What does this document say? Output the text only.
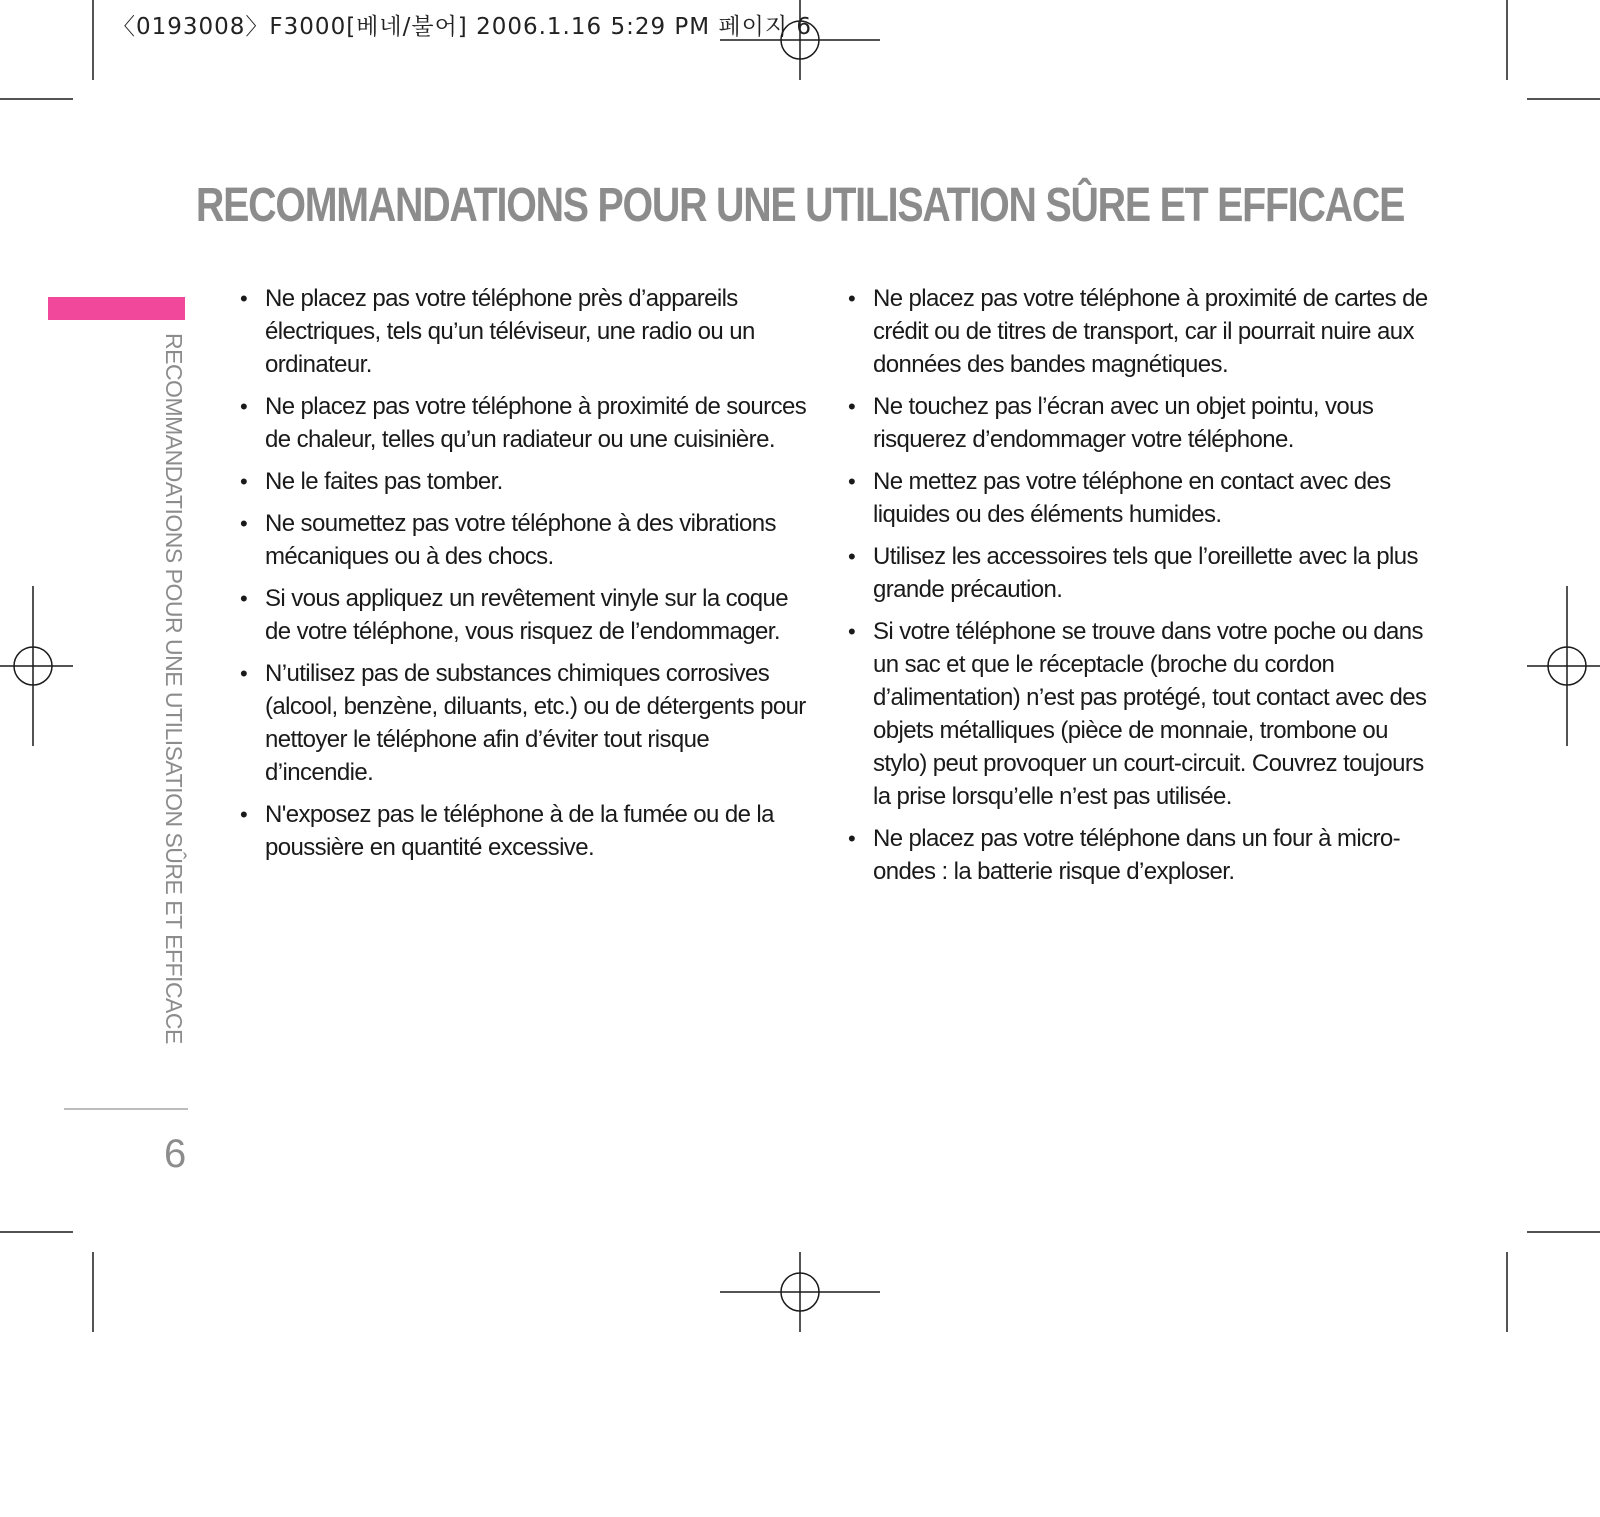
〈0193008〉F3000[베네/불어] 2006.1.16 5:29 PM 페이지 6
RECOMMANDATIONS POUR UNE UTILISATION SÛRE ET EFFICACE
RECOMMANDATIONS POUR UNE UTILISATION SÛRE ET EFFICACE
6
• Ne placez pas votre téléphone près d’appareils électriques, tels qu’un téléviseur, une radio ou un ordinateur.
• Ne placez pas votre téléphone à proximité de sources de chaleur, telles qu’un radiateur ou une cuisinière.
• Ne le faites pas tomber.
• Ne soumettez pas votre téléphone à des vibrations mécaniques ou à des chocs.
• Si vous appliquez un revêtement vinyle sur la coque de votre téléphone, vous risquez de l’endommager.
• N’utilisez pas de substances chimiques corrosives (alcool, benzène, diluants, etc.) ou de détergents pour nettoyer le téléphone afin d’éviter tout risque d’incendie.
• N'exposez pas le téléphone à de la fumée ou de la poussière en quantité excessive.
• Ne placez pas votre téléphone à proximité de cartes de crédit ou de titres de transport, car il pourrait nuire aux données des bandes magnétiques.
• Ne touchez pas l’écran avec un objet pointu, vous risquerez d’endommager votre téléphone.
• Ne mettez pas votre téléphone en contact avec des liquides ou des éléments humides.
• Utilisez les accessoires tels que l’oreillette avec la plus grande précaution.
• Si votre téléphone se trouve dans votre poche ou dans un sac et que le réceptacle (broche du cordon d’alimentation) n’est pas protégé, tout contact avec des objets métalliques (pièce de monnaie, trombone ou stylo) peut provoquer un court-circuit. Couvrez toujours la prise lorsqu’elle n’est pas utilisée.
• Ne placez pas votre téléphone dans un four à micro-ondes : la batterie risque d’exploser.
